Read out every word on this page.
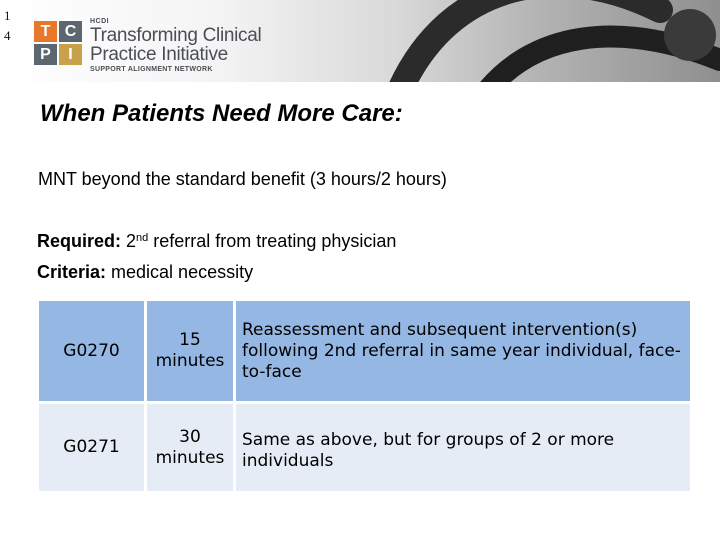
1
4	T C
P	I
HCDI
Transforming Clinical
Practice Initiative
SUPPORT ALIGNMENT NETWORK
When Patients Need More Care:
MNT beyond the standard benefit (3 hours/2 hours)
Required: 2nd referral from treating physician
Criteria: medical necessity
G0270
15
minutes
Reassessment and subsequent intervention(s) following 2nd referral in same year individual, face-to-face
G0271
30
minutes
Same as above, but for groups of 2 or more individuals
